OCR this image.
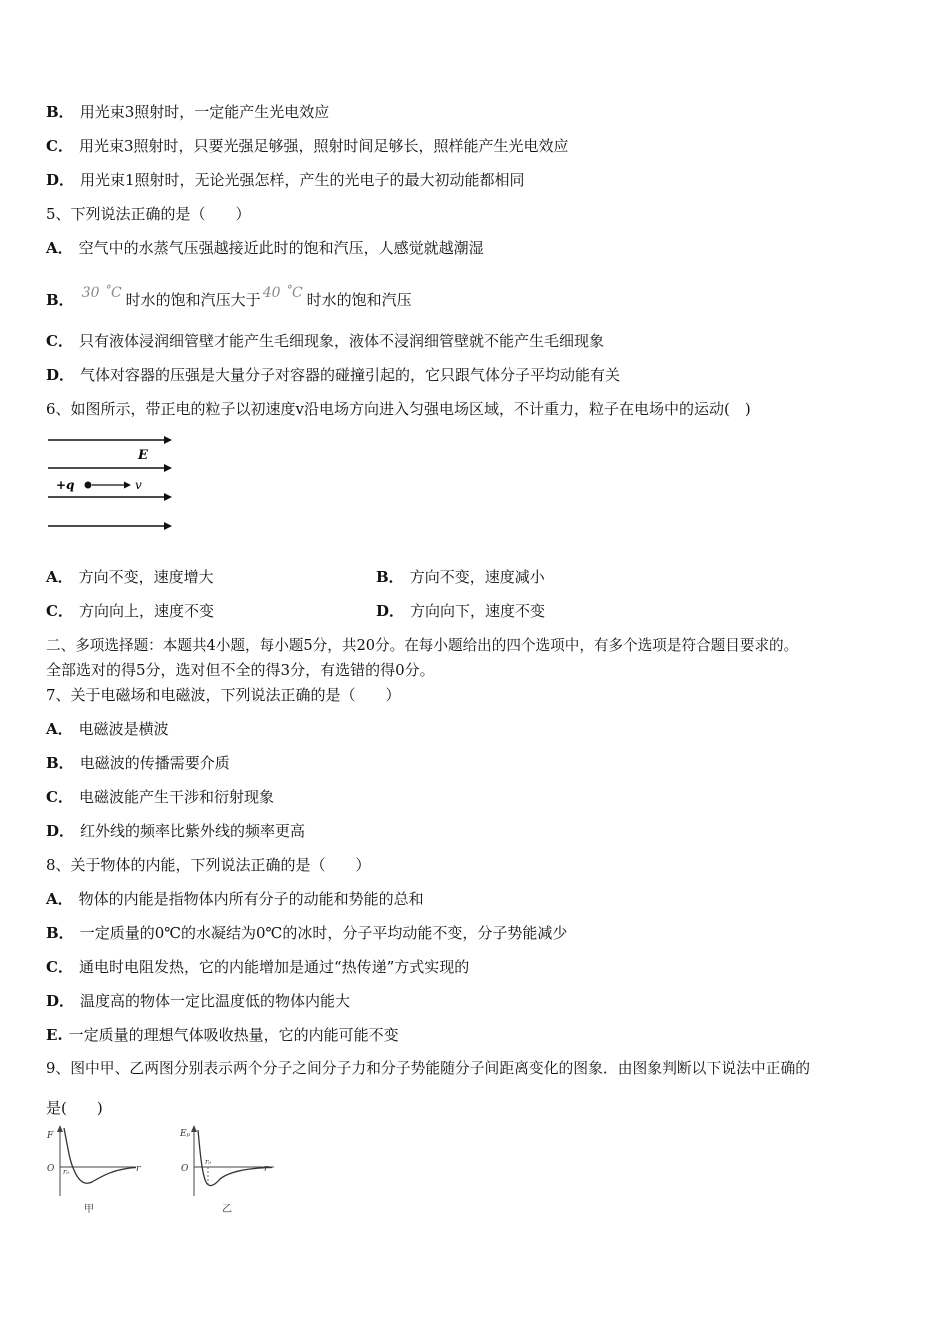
B． 用光束3照射时，一定能产生光电效应
C． 用光束3照射时，只要光强足够强，照射时间足够长，照样能产生光电效应
D． 用光束1照射时，无论光强怎样，产生的光电子的最大初动能都相同
5、下列说法正确的是（　　）
A． 空气中的水蒸气压强越接近此时的饱和汽压，人感觉就越潮湿
B． 30 ˚C 时水的饱和汽压大于 40 ˚C 时水的饱和汽压
C． 只有液体浸润细管壁才能产生毛细现象，液体不浸润细管壁就不能产生毛细现象
D． 气体对容器的压强是大量分子对容器的碰撞引起的，它只跟气体分子平均动能有关
6、如图所示，带正电的粒子以初速度v沿电场方向进入匀强电场区域，不计重力，粒子在电场中的运动(　)
E
+q	v
A． 方向不变，速度增大	B． 方向不变，速度减小
C． 方向向上，速度不变	D． 方向向下，速度不变
二、多项选择题：本题共4小题，每小题5分，共20分。在每小题给出的四个选项中，有多个选项是符合题目要求的。
全部选对的得5分，选对但不全的得3分，有选错的得0分。
7、关于电磁场和电磁波，下列说法正确的是（　　）
A． 电磁波是横波
B． 电磁波的传播需要介质
C． 电磁波能产生干涉和衍射现象
D． 红外线的频率比紫外线的频率更高
8、关于物体的内能，下列说法正确的是（　　）
A． 物体的内能是指物体内所有分子的动能和势能的总和
B． 一定质量的0℃的水凝结为0℃的冰时，分子平均动能不变，分子势能减少
C． 通电时电阻发热，它的内能增加是通过“热传递”方式实现的
D． 温度高的物体一定比温度低的物体内能大
E. 一定质量的理想气体吸收热量，它的内能可能不变
9、图中甲、乙两图分别表示两个分子之间分子力和分子势能随分子间距离变化的图象．由图象判断以下说法中正确的
是(　　)
F
O r₀	r
甲
Eₚ
O
r₀
r
乙
